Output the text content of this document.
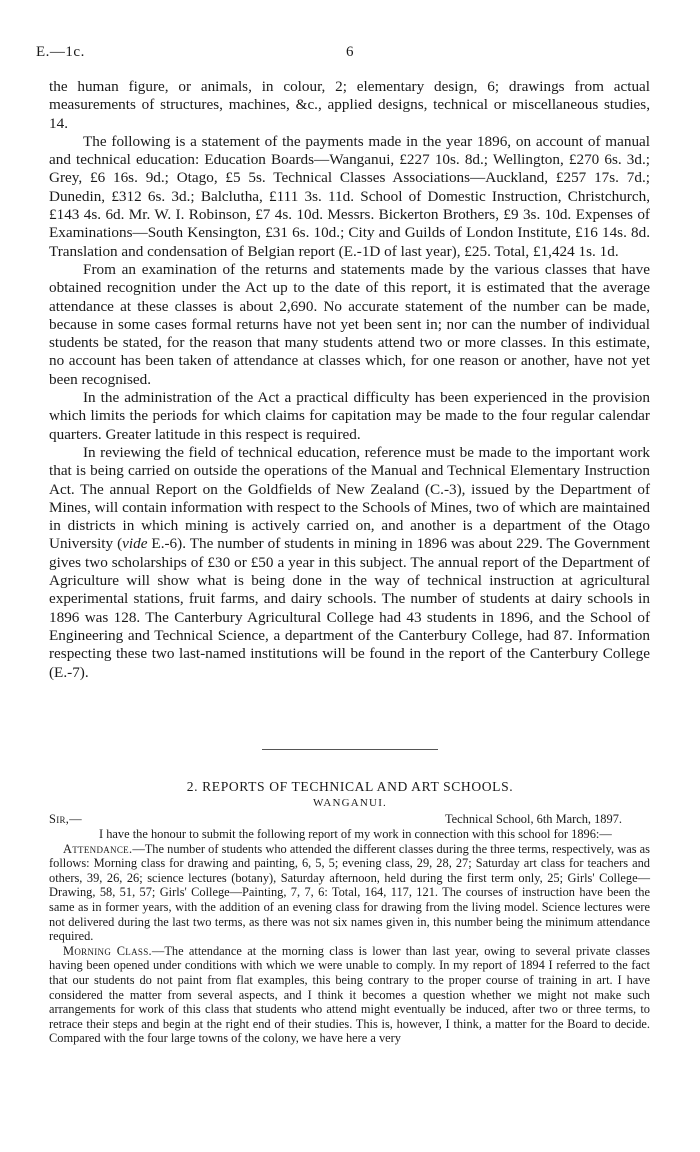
E.—1c.	6

the human figure, or animals, in colour, 2; elementary design, 6; drawings from actual measurements of structures, machines, &c., applied designs, technical or miscellaneous studies, 14.

The following is a statement of the payments made in the year 1896, on account of manual and technical education: Education Boards—Wanganui, £227 10s. 8d.; Wellington, £270 6s. 3d.; Grey, £6 16s. 9d.; Otago, £5 5s. Technical Classes Associations—Auckland, £257 17s. 7d.; Dunedin, £312 6s. 3d.; Balclutha, £111 3s. 11d. School of Domestic Instruction, Christchurch, £143 4s. 6d. Mr. W. I. Robinson, £7 4s. 10d. Messrs. Bickerton Brothers, £9 3s. 10d. Expenses of Examinations—South Kensington, £31 6s. 10d.; City and Guilds of London Institute, £16 14s. 8d. Translation and condensation of Belgian report (E.-1D of last year), £25. Total, £1,424 1s. 1d.

From an examination of the returns and statements made by the various classes that have obtained recognition under the Act up to the date of this report, it is estimated that the average attendance at these classes is about 2,690. No accurate statement of the number can be made, because in some cases formal returns have not yet been sent in; nor can the number of individual students be stated, for the reason that many students attend two or more classes. In this estimate, no account has been taken of attendance at classes which, for one reason or another, have not yet been recognised.

In the administration of the Act a practical difficulty has been experienced in the provision which limits the periods for which claims for capitation may be made to the four regular calendar quarters. Greater latitude in this respect is required.

In reviewing the field of technical education, reference must be made to the important work that is being carried on outside the operations of the Manual and Technical Elementary Instruction Act. The annual Report on the Goldfields of New Zealand (C.-3), issued by the Department of Mines, will contain information with respect to the Schools of Mines, two of which are maintained in districts in which mining is actively carried on, and another is a department of the Otago University (vide E.-6). The number of students in mining in 1896 was about 229. The Government gives two scholarships of £30 or £50 a year in this subject. The annual report of the Department of Agriculture will show what is being done in the way of technical instruction at agricultural experimental stations, fruit farms, and dairy schools. The number of students at dairy schools in 1896 was 128. The Canterbury Agricultural College had 43 students in 1896, and the School of Engineering and Technical Science, a department of the Canterbury College, had 87. Information respecting these two last-named institutions will be found in the report of the Canterbury College (E.-7).

2. REPORTS OF TECHNICAL AND ART SCHOOLS.
WANGANUI.
Sir,—	Technical School, 6th March, 1897.

I have the honour to submit the following report of my work in connection with this school for 1896:—

Attendance.—The number of students who attended the different classes during the three terms, respectively, was as follows: Morning class for drawing and painting, 6, 5, 5; evening class, 29, 28, 27; Saturday art class for teachers and others, 39, 26, 26; science lectures (botany), Saturday afternoon, held during the first term only, 25; Girls' College—Drawing, 58, 51, 57; Girls' College—Painting, 7, 7, 6: Total, 164, 117, 121. The courses of instruction have been the same as in former years, with the addition of an evening class for drawing from the living model. Science lectures were not delivered during the last two terms, as there was not six names given in, this number being the minimum attendance required.

Morning Class.—The attendance at the morning class is lower than last year, owing to several private classes having been opened under conditions with which we were unable to comply. In my report of 1894 I referred to the fact that our students do not paint from flat examples, this being contrary to the proper course of training in art. I have considered the matter from several aspects, and I think it becomes a question whether we might not make such arrangements for work of this class that students who attend might eventually be induced, after two or three terms, to retrace their steps and begin at the right end of their studies. This is, however, I think, a matter for the Board to decide. Compared with the four large towns of the colony, we have here a very
